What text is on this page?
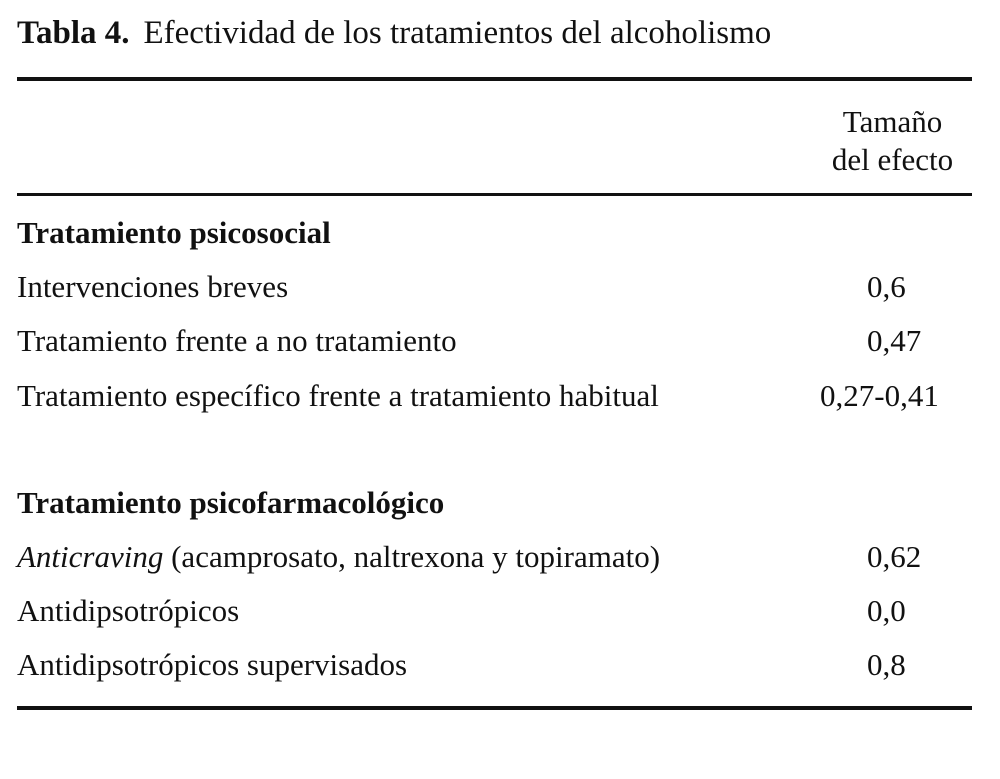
Tabla 4. Efectividad de los tratamientos del alcoholismo
Tamaño
del efecto
Tratamiento psicosocial
Intervenciones breves	0,6
Tratamiento frente a no tratamiento	0,47
Tratamiento específico frente a tratamiento habitual	0,27-0,41
Tratamiento psicofarmacológico
Anticraving (acamprosato, naltrexona y topiramato)	0,62
Antidipsotrópicos	0,0
Antidipsotrópicos supervisados	0,8
